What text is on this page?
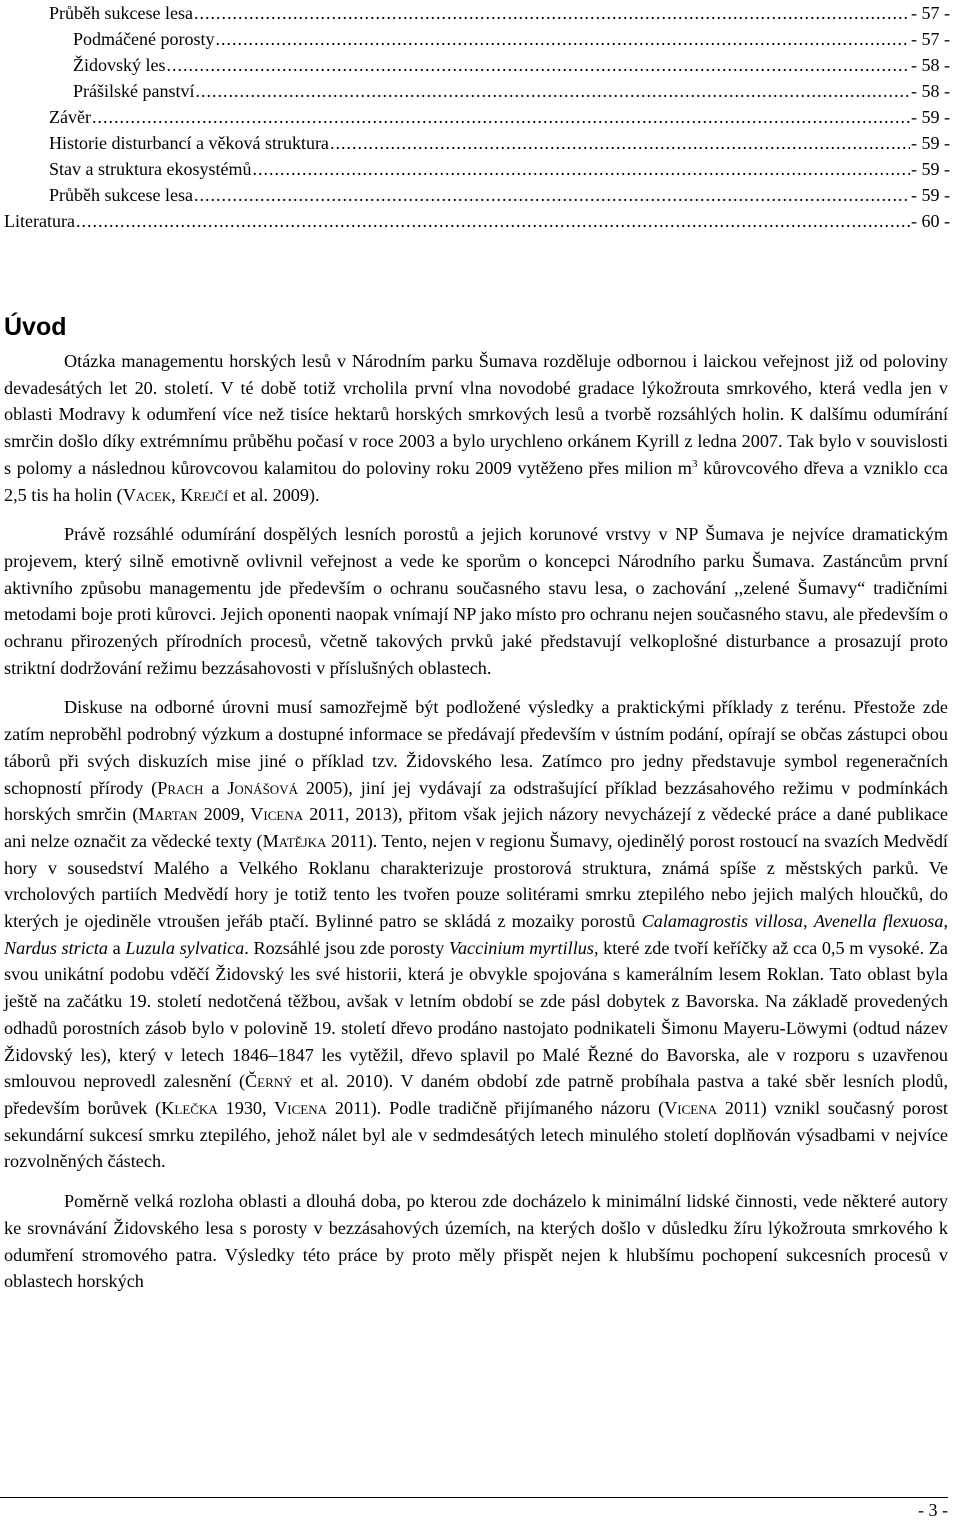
Průběh sukcese lesa .....	- 57 -
Podmáčené porosty .....	- 57 -
Židovský les .....	- 58 -
Prášilské panství .....	- 58 -
Závěr .....	- 59 -
Historie disturbancí a věková struktura .....	- 59 -
Stav a struktura ekosystémů .....	- 59 -
Průběh sukcese lesa .....	- 59 -
Literatura .....	- 60 -
Úvod

Otázka managementu horských lesů v Národním parku Šumava rozděluje odbornou i laickou veřejnost již od poloviny devadesátých let 20. století. V té době totiž vrcholila první vlna novodobé gradace lýkožrouta smrkového, která vedla jen v oblasti Modravy k odumření více než tisíce hektarů horských smrkových lesů a tvorbě rozsáhlých holin. K dalšímu odumírání smrčin došlo díky extrémnímu průběhu počasí v roce 2003 a bylo urychleno orkánem Kyrill z ledna 2007. Tak bylo v souvislosti s polomy a následnou kůrovcovou kalamitou do poloviny roku 2009 vytěženo přes milion $m^3$ kůrovcového dřeva a vzniklo cca 2,5 tis ha holin (Vacek, Krejčí et al. 2009).

Právě rozsáhlé odumírání dospělých lesních porostů a jejich korunové vrstvy v NP Šumava je nejvíce dramatickým projevem, který silně emotivně ovlivnil veřejnost a vede ke sporům o koncepci Národního parku Šumava. Zastáncům první aktivního způsobu managementu jde především o ochranu současného stavu lesa, o zachování ,,zelené Šumavy“ tradičními metodami boje proti kůrovci. Jejich oponenti naopak vnímají NP jako místo pro ochranu nejen současného stavu, ale především o ochranu přirozených přírodních procesů, včetně takových prvků jaké představují velkoplošné disturbance a prosazují proto striktní dodržování režimu bezzásahovosti v příslušných oblastech.

Diskuse na odborné úrovni musí samozřejmě být podložené výsledky a praktickými příklady z terénu. Přestože zde zatím neproběhl podrobný výzkum a dostupné informace se předávají především v ústním podání, opírají se občas zástupci obou táborů při svých diskuzích mise jiné o příklad tzv. Židovského lesa. Zatímco pro jedny představuje symbol regeneračních schopností přírody (Prach a Jonášová 2005), jiní jej vydávají za odstrašující příklad bezzásahového režimu v podmínkách horských smrčin (Martan 2009, Vicena 2011, 2013), přitom však jejich názory nevycházejí z vědecké práce a dané publikace ani nelze označit za vědecké texty (Matějka 2011). Tento, nejen v regionu Šumavy, ojedinělý porost rostoucí na svazích Medvědí hory v sousedství Malého a Velkého Roklanu charakterizuje prostorová struktura, známá spíše z městských parků. Ve vrcholových partiích Medvědí hory je totiž tento les tvořen pouze solitérami smrku ztepilého nebo jejich malých hloučků, do kterých je ojediněle vtroušen jeřáb ptačí. Bylinné patro se skládá z mozaiky porostů Calamagrostis villosa, Avenella flexuosa, Nardus stricta a Luzula sylvatica. Rozsáhlé jsou zde porosty Vaccinium myrtillus, které zde tvoří keříčky až cca 0,5 m vysoké. Za svou unikátní podobu vděčí Židovský les své historii, která je obvykle spojována s kamerálním lesem Roklan. Tato oblast byla ještě na začátku 19. století nedotčená těžbou, avšak v letním období se zde pásl dobytek z Bavorska. Na základě provedených odhadů porostních zásob bylo v polovině 19. století dřevo prodáno nastojato podnikateli Šimonu Mayeru-Löwymi (odtud název Židovský les), který v letech 1846–1847 les vytěžil, dřevo splavil po Malé Řezné do Bavorska, ale v rozporu s uzavřenou smlouvou neprovedl zalesnění (Černý et al. 2010). V daném období zde patrně probíhala pastva a také sběr lesních plodů, především borůvek (Klečka 1930, Vicena 2011). Podle tradičně přijímaného názoru (Vicena 2011) vznikl současný porost sekundární sukcesí smrku ztepilého, jehož nálet byl ale v sedmdesátých letech minulého století doplňován výsadbami v nejvíce rozvolněných částech.

Poměrně velká rozloha oblasti a dlouhá doba, po kterou zde docházelo k minimální lidské činnosti, vede některé autory ke srovnávání Židovského lesa s porosty v bezzásahových územích, na kterých došlo v důsledku žíru lýkožrouta smrkového k odumření stromového patra. Výsledky této práce by proto měly přispět nejen k hlubšímu pochopení sukcesních procesů v oblastech horských

- 3 -
